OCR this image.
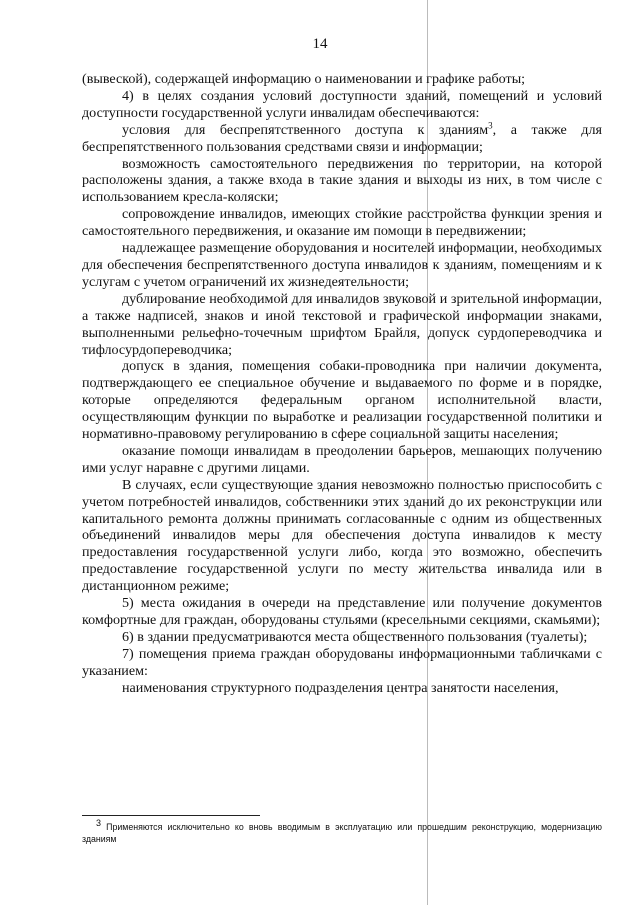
14

(вывеской), содержащей информацию о наименовании и графике работы;

4) в целях создания условий доступности зданий, помещений и условий доступности государственной услуги инвалидам обеспечиваются:

условия для беспрепятственного доступа к зданиям$^3$, а также для беспрепятственного пользования средствами связи и информации;

возможность самостоятельного передвижения по территории, на которой расположены здания, а также входа в такие здания и выходы из них, в том числе с использованием кресла-коляски;

сопровождение инвалидов, имеющих стойкие расстройства функции зрения и самостоятельного передвижения, и оказание им помощи в передвижении;

надлежащее размещение оборудования и носителей информации, необходимых для обеспечения беспрепятственного доступа инвалидов к зданиям, помещениям и к услугам с учетом ограничений их жизнедеятельности;

дублирование необходимой для инвалидов звуковой и зрительной информации, а также надписей, знаков и иной текстовой и графической информации знаками, выполненными рельефно-точечным шрифтом Брайля, допуск сурдопереводчика и тифлосурдопереводчика;

допуск в здания, помещения собаки-проводника при наличии документа, подтверждающего ее специальное обучение и выдаваемого по форме и в порядке, которые определяются федеральным органом исполнительной власти, осуществляющим функции по выработке и реализации государственной политики и нормативно-правовому регулированию в сфере социальной защиты населения;

оказание помощи инвалидам в преодолении барьеров, мешающих получению ими услуг наравне с другими лицами.

В случаях, если существующие здания невозможно полностью приспособить с учетом потребностей инвалидов, собственники этих зданий до их реконструкции или капитального ремонта должны принимать согласованные с одним из общественных объединений инвалидов меры для обеспечения доступа инвалидов к месту предоставления государственной услуги либо, когда это возможно, обеспечить предоставление государственной услуги по месту жительства инвалида или в дистанционном режиме;

5) места ожидания в очереди на представление или получение документов комфортные для граждан, оборудованы стульями (кресельными секциями, скамьями);

6) в здании предусматриваются места общественного пользования (туалеты);

7) помещения приема граждан оборудованы информационными табличками с указанием:

наименования структурного подразделения центра занятости населения,

$^3$ Применяются исключительно ко вновь вводимым в эксплуатацию или прошедшим реконструкцию, модернизацию зданиям
